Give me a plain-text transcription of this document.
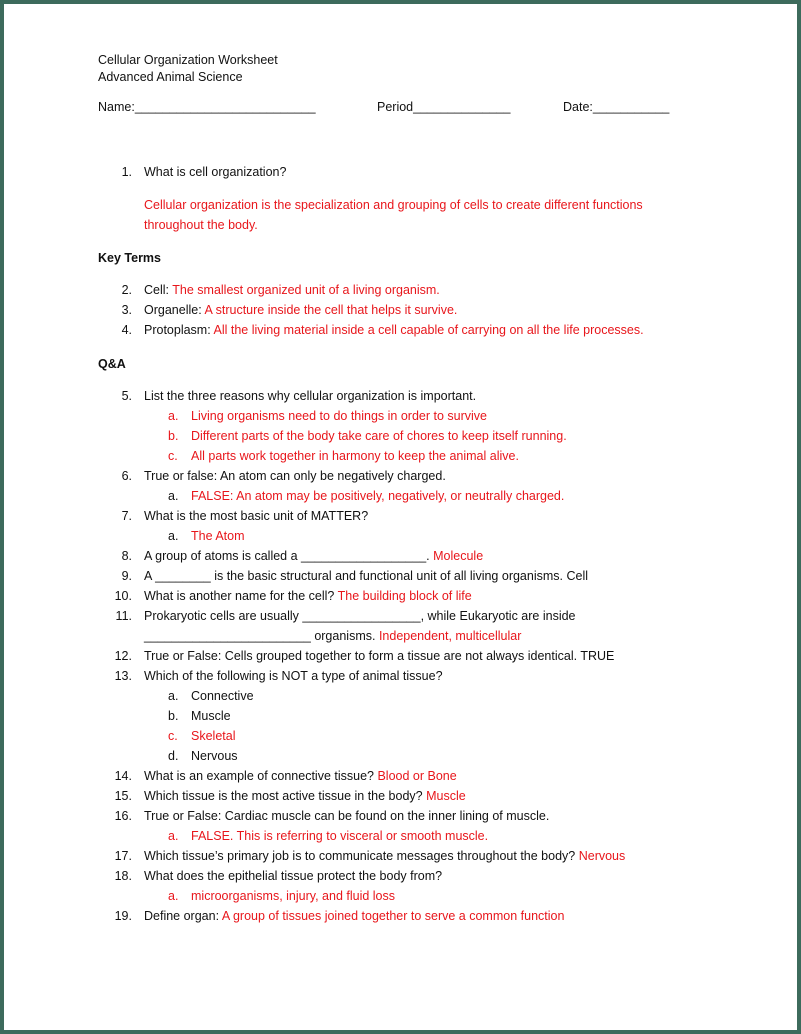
Cellular Organization Worksheet
Advanced Animal Science
Name:__________________________	Period______________	Date:___________
1. What is cell organization?
Cellular organization is the specialization and grouping of cells to create different functions
throughout the body.
Key Terms
2. Cell: The smallest organized unit of a living organism.
3. Organelle: A structure inside the cell that helps it survive.
4. Protoplasm: All the living material inside a cell capable of carrying on all the life processes.
Q&A
5. List the three reasons why cellular organization is important.
a. Living organisms need to do things in order to survive
b. Different parts of the body take care of chores to keep itself running.
c. All parts work together in harmony to keep the animal alive.
6. True or false: An atom can only be negatively charged.
a. FALSE: An atom may be positively, negatively, or neutrally charged.
7. What is the most basic unit of MATTER?
a. The Atom
8. A group of atoms is called a __________________. Molecule
9. A ________ is the basic structural and functional unit of all living organisms. Cell
10. What is another name for the cell? The building block of life
11. Prokaryotic cells are usually _________________, while Eukaryotic are inside
________________________ organisms. Independent, multicellular
12. True or False: Cells grouped together to form a tissue are not always identical. TRUE
13. Which of the following is NOT a type of animal tissue?
a. Connective
b. Muscle
c. Skeletal
d. Nervous
14. What is an example of connective tissue? Blood or Bone
15. Which tissue is the most active tissue in the body? Muscle
16. True or False: Cardiac muscle can be found on the inner lining of muscle.
a. FALSE. This is referring to visceral or smooth muscle.
17. Which tissue’s primary job is to communicate messages throughout the body? Nervous
18. What does the epithelial tissue protect the body from?
a. microorganisms, injury, and fluid loss
19. Define organ: A group of tissues joined together to serve a common function
